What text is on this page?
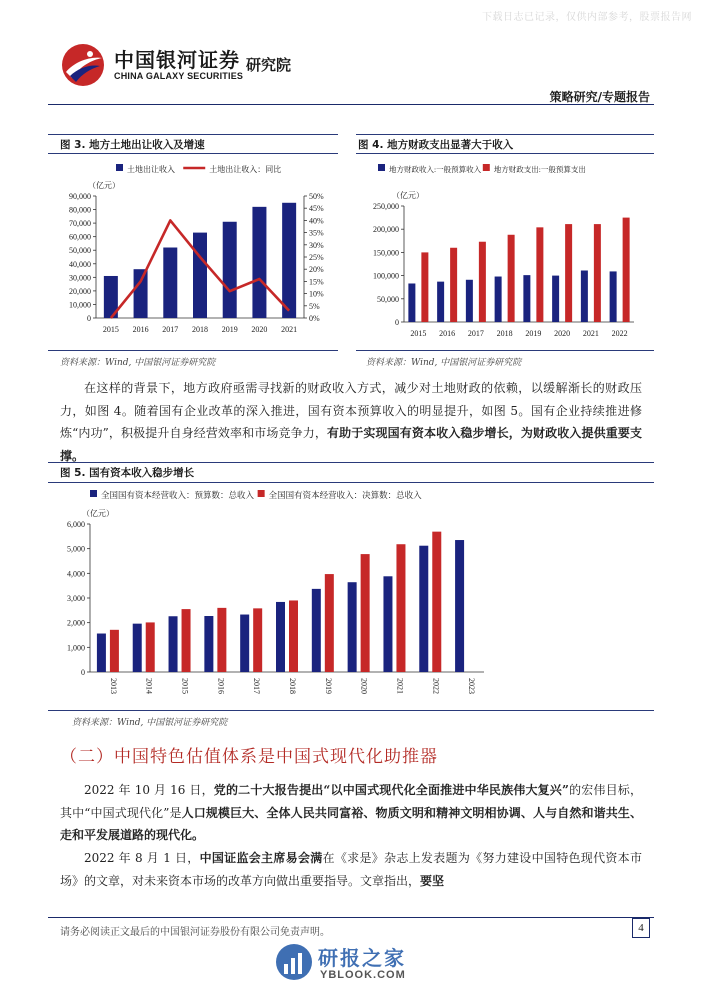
下载日志已记录，仅供内部参考，股票报告网
中国银河证券
CHINA GALAXY SECURITIES
研究院
策略研究/专题报告
图 3. 地方土地出让收入及增速
土地出让收入	土地出让收入：同比
（亿元）
0
10,000
20,000
30,000
40,000
50,000
60,000
70,000
80,000
90,000
2015 2016 2017 2018 2019 2020 2021
0%
5%
10%
15%
20%
25%
30%
35%
40%
45%
50%
资料来源：Wind, 中国银河证券研究院
图 4. 地方财政支出显著大于收入
地方财政收入:一般预算收入 地方财政支出:一般预算支出
（亿元）
0
50,000
100,000
150,000
200,000
250,000
2015 2016 2017 2018 2019 2020 2021 2022
资料来源：Wind, 中国银河证券研究院
在这样的背景下，地方政府亟需寻找新的财政收入方式，减少对土地财政的依赖，以缓解渐长的财政压力，如图 4。随着国有企业改革的深入推进，国有资本预算收入的明显提升，如图 5。国有企业持续推进修炼“内功”，积极提升自身经营效率和市场竞争力，有助于实现国有资本收入稳步增长，为财政收入提供重要支撑。
图 5. 国有资本收入稳步增长
全国国有资本经营收入：预算数：总收入 全国国有资本经营收入：决算数：总收入
（亿元）
0
1,000
2,000
3,000
4,000
5,000
6,000
2013	2014	2015	2016	2017	2018	2019	2020	2021	2022	2023
资料来源：Wind, 中国银河证券研究院
（二）中国特色估值体系是中国式现代化助推器
2022 年 10 月 16 日，党的二十大报告提出“以中国式现代化全面推进中华民族伟大复兴”的宏伟目标，其中“中国式现代化”是人口规模巨大、全体人民共同富裕、物质文明和精神文明相协调、人与自然和谐共生、走和平发展道路的现代化。
2022 年 8 月 1 日，中国证监会主席易会满在《求是》杂志上发表题为《努力建设中国特色现代资本市场》的文章，对未来资本市场的改革方向做出重要指导。文章指出，要坚
请务必阅读正文最后的中国银河证券股份有限公司免责声明。	4
研报之家
YBLOOK.COM
